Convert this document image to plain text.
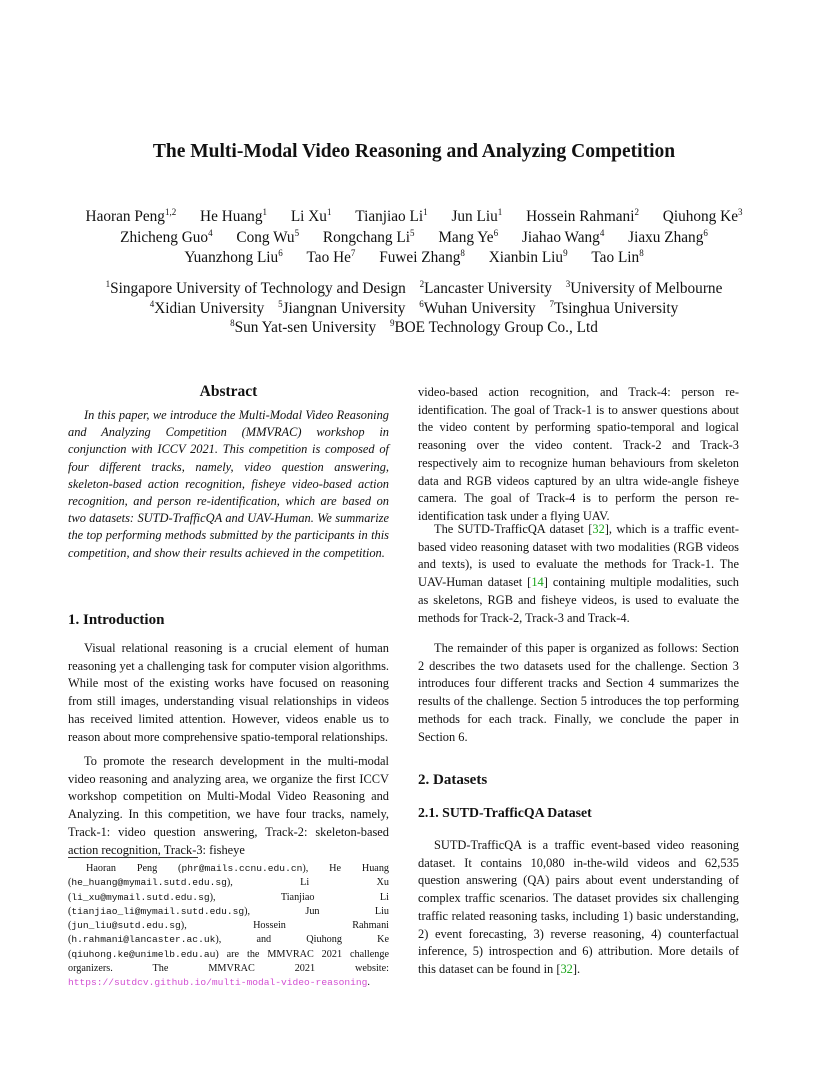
The Multi-Modal Video Reasoning and Analyzing Competition
Haoran Peng$^{1,2}$ He Huang$^1$ Li Xu$^1$ Tianjiao Li$^1$ Jun Liu$^1$ Hossein Rahmani$^2$ Qiuhong Ke$^3$
Zhicheng Guo$^4$ Cong Wu$^5$ Rongchang Li$^5$ Mang Ye$^6$ Jiahao Wang$^4$ Jiaxu Zhang$^6$
Yuanzhong Liu$^6$ Tao He$^7$ Fuwei Zhang$^8$ Xianbin Liu$^9$ Tao Lin$^8$
$^1$Singapore University of Technology and Design $^2$Lancaster University $^3$University of Melbourne
$^4$Xidian University $^5$Jiangnan University $^6$Wuhan University $^7$Tsinghua University
$^8$Sun Yat-sen University $^9$BOE Technology Group Co., Ltd
Abstract
In this paper, we introduce the Multi-Modal Video Reasoning and Analyzing Competition (MMVRAC) workshop in conjunction with ICCV 2021. This competition is composed of four different tracks, namely, video question answering, skeleton-based action recognition, fisheye video-based action recognition, and person re-identification, which are based on two datasets: SUTD-TrafficQA and UAV-Human. We summarize the top performing methods submitted by the participants in this competition, and show their results achieved in the competition.
1. Introduction

Visual relational reasoning is a crucial element of human reasoning yet a challenging task for computer vision algorithms. While most of the existing works have focused on reasoning from still images, understanding visual relationships in videos has received limited attention. However, videos enable us to reason about more comprehensive spatio-temporal relationships.

To promote the research development in the multi-modal video reasoning and analyzing area, we organize the first ICCV workshop competition on Multi-Modal Video Reasoning and Analyzing. In this competition, we have four tracks, namely, Track-1: video question answering, Track-2: skeleton-based action recognition, Track-3: fisheye

Haoran Peng (phr@mails.ccnu.edu.cn), He Huang (he_huang@mymail.sutd.edu.sg), Li Xu (li_xu@mymail.sutd.edu.sg), Tianjiao Li (tianjiao_li@mymail.sutd.edu.sg), Jun Liu (jun_liu@sutd.edu.sg), Hossein Rahmani (h.rahmani@lancaster.ac.uk), and Qiuhong Ke (qiuhong.ke@unimelb.edu.au) are the MMVRAC 2021 challenge organizers. The MMVRAC 2021 website: https://sutdcv.github.io/multi-modal-video-reasoning.

video-based action recognition, and Track-4: person re-identification. The goal of Track-1 is to answer questions about the video content by performing spatio-temporal and logical reasoning over the video content. Track-2 and Track-3 respectively aim to recognize human behaviours from skeleton data and RGB videos captured by an ultra wide-angle fisheye camera. The goal of Track-4 is to perform the person re-identification task under a flying UAV.

The SUTD-TrafficQA dataset [32], which is a traffic event-based video reasoning dataset with two modalities (RGB videos and texts), is used to evaluate the methods for Track-1. The UAV-Human dataset [14] containing multiple modalities, such as skeletons, RGB and fisheye videos, is used to evaluate the methods for Track-2, Track-3 and Track-4.

The remainder of this paper is organized as follows: Section 2 describes the two datasets used for the challenge. Section 3 introduces four different tracks and Section 4 summarizes the results of the challenge. Section 5 introduces the top performing methods for each track. Finally, we conclude the paper in Section 6.

2. Datasets
2.1. SUTD-TrafficQA Dataset

SUTD-TrafficQA is a traffic event-based video reasoning dataset. It contains 10,080 in-the-wild videos and 62,535 question answering (QA) pairs about event understanding of complex traffic scenarios. The dataset provides six challenging traffic related reasoning tasks, including 1) basic understanding, 2) event forecasting, 3) reverse reasoning, 4) counterfactual inference, 5) introspection and 6) attribution. More details of this dataset can be found in [32].
